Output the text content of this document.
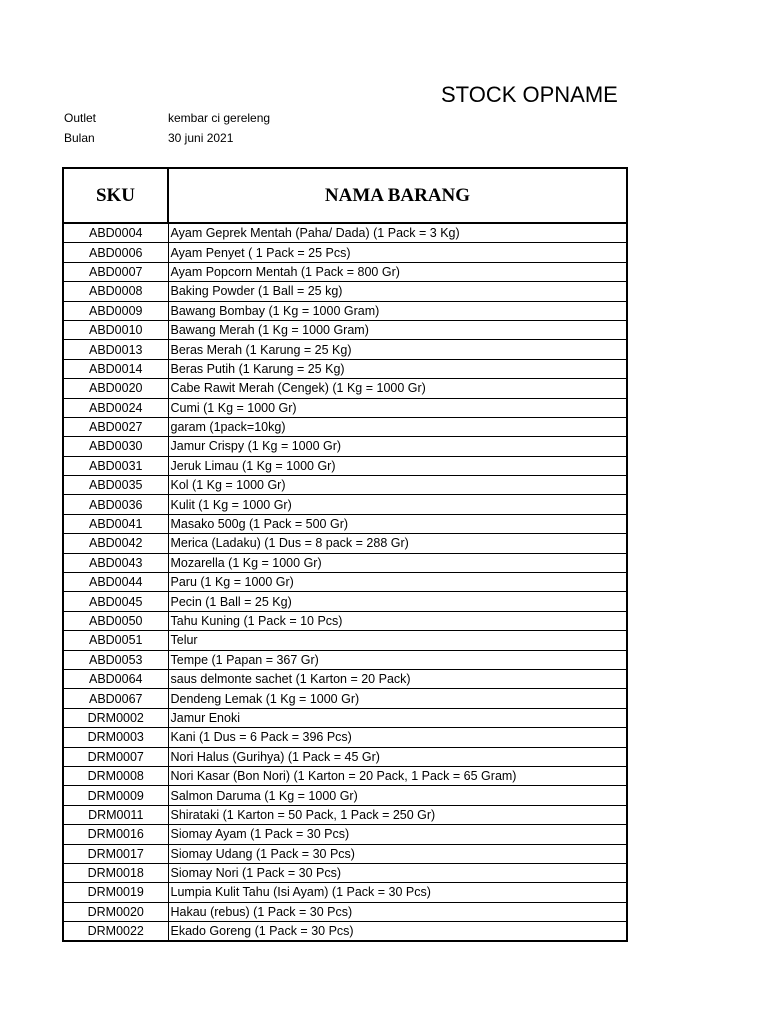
STOCK OPNAME
Outlet	kembar ci gereleng
Bulan	30 juni 2021
SKU	NAMA BARANG
ABD0004	Ayam Geprek Mentah (Paha/ Dada) (1 Pack = 3 Kg)
ABD0006	Ayam Penyet ( 1 Pack = 25 Pcs)
ABD0007	Ayam Popcorn Mentah (1 Pack = 800 Gr)
ABD0008	Baking Powder (1 Ball = 25 kg)
ABD0009	Bawang Bombay (1 Kg = 1000 Gram)
ABD0010	Bawang Merah (1 Kg = 1000 Gram)
ABD0013	Beras Merah (1 Karung = 25 Kg)
ABD0014	Beras Putih (1 Karung = 25 Kg)
ABD0020	Cabe Rawit Merah (Cengek) (1 Kg = 1000 Gr)
ABD0024	Cumi (1 Kg = 1000 Gr)
ABD0027	garam (1pack=10kg)
ABD0030	Jamur Crispy (1 Kg = 1000 Gr)
ABD0031	Jeruk Limau (1 Kg = 1000 Gr)
ABD0035	Kol (1 Kg = 1000 Gr)
ABD0036	Kulit (1 Kg = 1000 Gr)
ABD0041	Masako 500g (1 Pack = 500 Gr)
ABD0042	Merica (Ladaku) (1 Dus = 8 pack = 288 Gr)
ABD0043	Mozarella (1 Kg = 1000 Gr)
ABD0044	Paru (1 Kg = 1000 Gr)
ABD0045	Pecin (1 Ball = 25 Kg)
ABD0050	Tahu Kuning (1 Pack = 10 Pcs)
ABD0051	Telur
ABD0053	Tempe (1 Papan = 367 Gr)
ABD0064	saus delmonte sachet (1 Karton = 20 Pack)
ABD0067	Dendeng Lemak (1 Kg = 1000 Gr)
DRM0002	Jamur Enoki
DRM0003	Kani (1 Dus = 6 Pack = 396 Pcs)
DRM0007	Nori Halus (Gurihya) (1 Pack = 45 Gr)
DRM0008	Nori Kasar (Bon Nori) (1 Karton = 20 Pack, 1 Pack = 65 Gram)
DRM0009	Salmon Daruma (1 Kg = 1000 Gr)
DRM0011	Shirataki (1 Karton = 50 Pack, 1 Pack = 250 Gr)
DRM0016	Siomay Ayam (1 Pack = 30 Pcs)
DRM0017	Siomay Udang (1 Pack = 30 Pcs)
DRM0018	Siomay Nori (1 Pack = 30 Pcs)
DRM0019	Lumpia Kulit Tahu (Isi Ayam) (1 Pack = 30 Pcs)
DRM0020	Hakau (rebus) (1 Pack = 30 Pcs)
DRM0022	Ekado Goreng (1 Pack = 30 Pcs)
